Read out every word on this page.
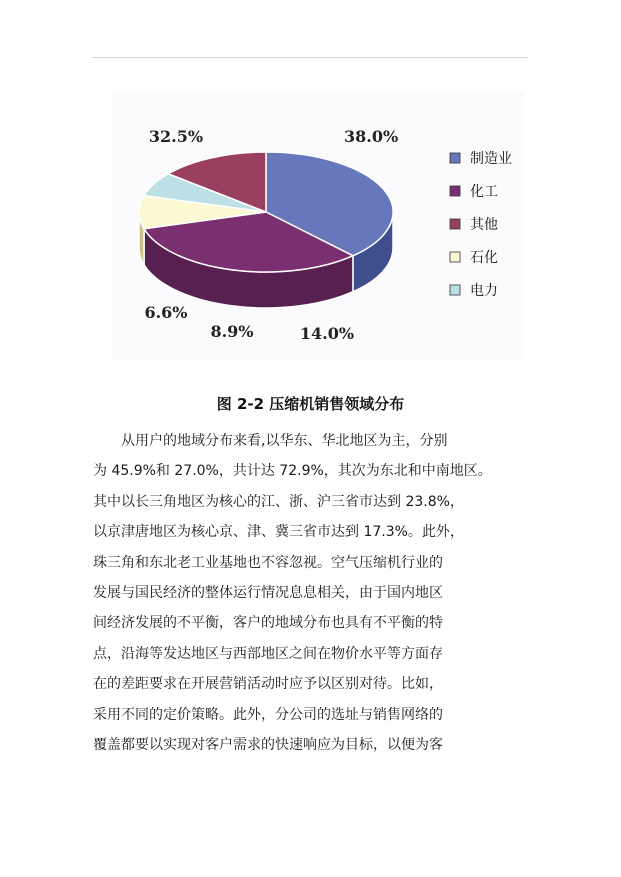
38.0%
32.5%
8.9%
6.6%
14.0%
制造业
化工
其他
石化
电力
图 2-2 压缩机销售领域分布
从用户的地域分布来看,以华东、华北地区为主，分别
为 45.9%和 27.0%，共计达 72.9%，其次为东北和中南地区。
其中以长三角地区为核心的江、浙、沪三省市达到 23.8%，
以京津唐地区为核心京、津、冀三省市达到 17.3%。此外，
珠三角和东北老工业基地也不容忽视。空气压缩机行业的
发展与国民经济的整体运行情况息息相关，由于国内地区
间经济发展的不平衡，客户的地域分布也具有不平衡的特
点，沿海等发达地区与西部地区之间在物价水平等方面存
在的差距要求在开展营销活动时应予以区别对待。比如，
采用不同的定价策略。此外，分公司的选址与销售网络的
覆盖都要以实现对客户需求的快速响应为目标，以便为客
